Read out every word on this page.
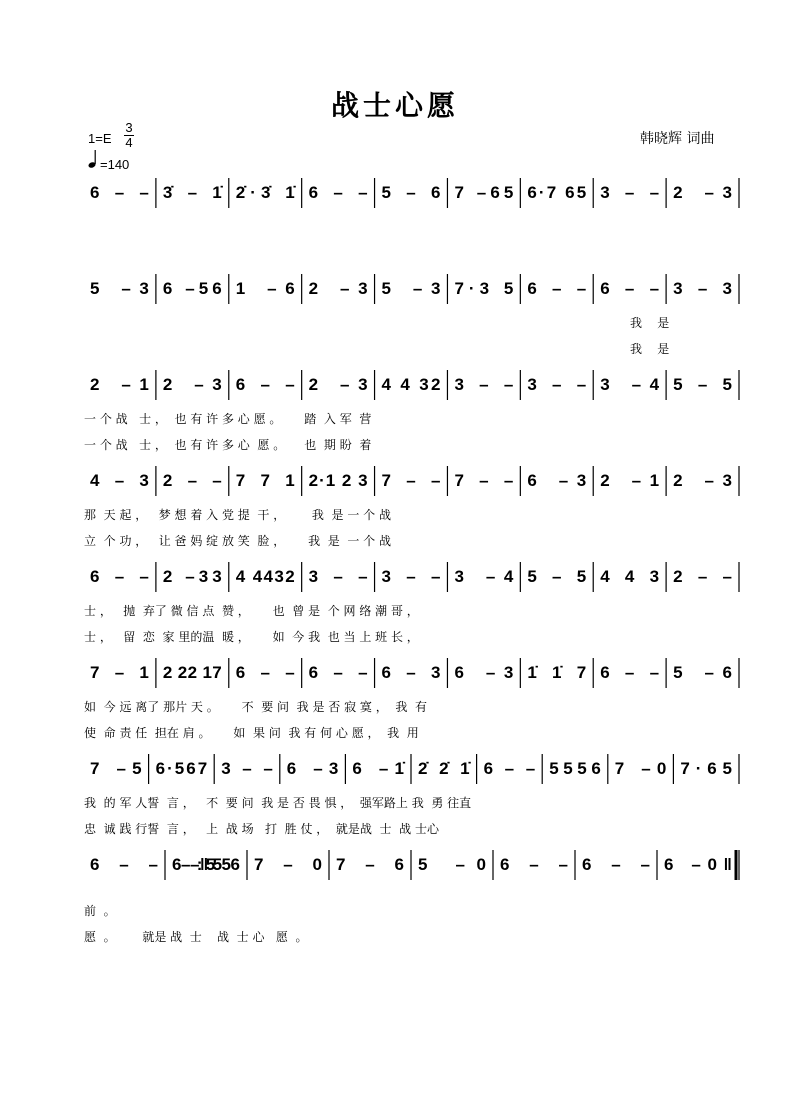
战士心愿
1=E
3
4
=140
韩晓辉 词曲
6 – – 3̇ – 1̇ 2̇·3̇ 1̇ 6 – – 5 – 6 7 –65 6·7 65 3 – – 2 –3
5 –3 6 –56 1 –6 2 –3 5 –3 7·3 5 6 – – 6 – – 3 – 3
我    是
我    是
2 –1 2 –3 6 – – 2 –3 4 4 32 3 – – 3 – – 3 –4 5 – 5
一 个 战   士 ，  也 有 许 多 心 愿 。      踏  入 军  营
一 个 战   士 ，  也 有 许 多 心  愿 。     也  期 盼  着
4 – 3 2 – – 7 7 1 2·1 2 3 7 – – 7 – – 6 –3 2 –1 2 –3
那  天 起 ，   梦 想 着 入 党 提  干 ，       我  是 一 个 战
立  个 功 ，   让 爸 妈 绽 放 笑  脸 ，      我  是  一 个 战
6 – – 2 –33 4 4432 3 – – 3 – – 3 –4 5 – 5 4 4 3 2 – –
士 ，   抛  弃了 微 信 点  赞 ，      也  曾 是  个 网 络 潮 哥 ，
士 ，   留  恋  家 里的温  暖 ，      如  今 我  也 当 上 班 长 ，
7 – 1 2 22 17 6 – – 6 – – 6 – 3 6 –3 1̇ 1̇ 7 6 – – 5 –6
如  今 远 离了 那片 天 。      不  要 问  我 是 否 寂 寞 ，  我  有
使  命 责 任  担在 肩 。      如  果 问  我 有 何 心 愿 ，  我  用
7 –5 6·567 3 – – 6 –3 6 –1̇ 2̇ 2̇ 1̇ 6 – – 5556 7 –0 7·65
我  的 军 人誓  言 ，   不  要 问  我 是 否 畏 惧 ，  强军路上 我  勇 往直
忠  诚 践 行誓  言 ，   上  战 场   打  胜 仗 ，  就是战  士  战 士心
6 – – 6 – –:‖55 5 6 7 – 0 7 – 6 5 –0 6 – – 6 – – 6 –0‖
前  。
愿  。       就是 战  士    战  士 心   愿  。
